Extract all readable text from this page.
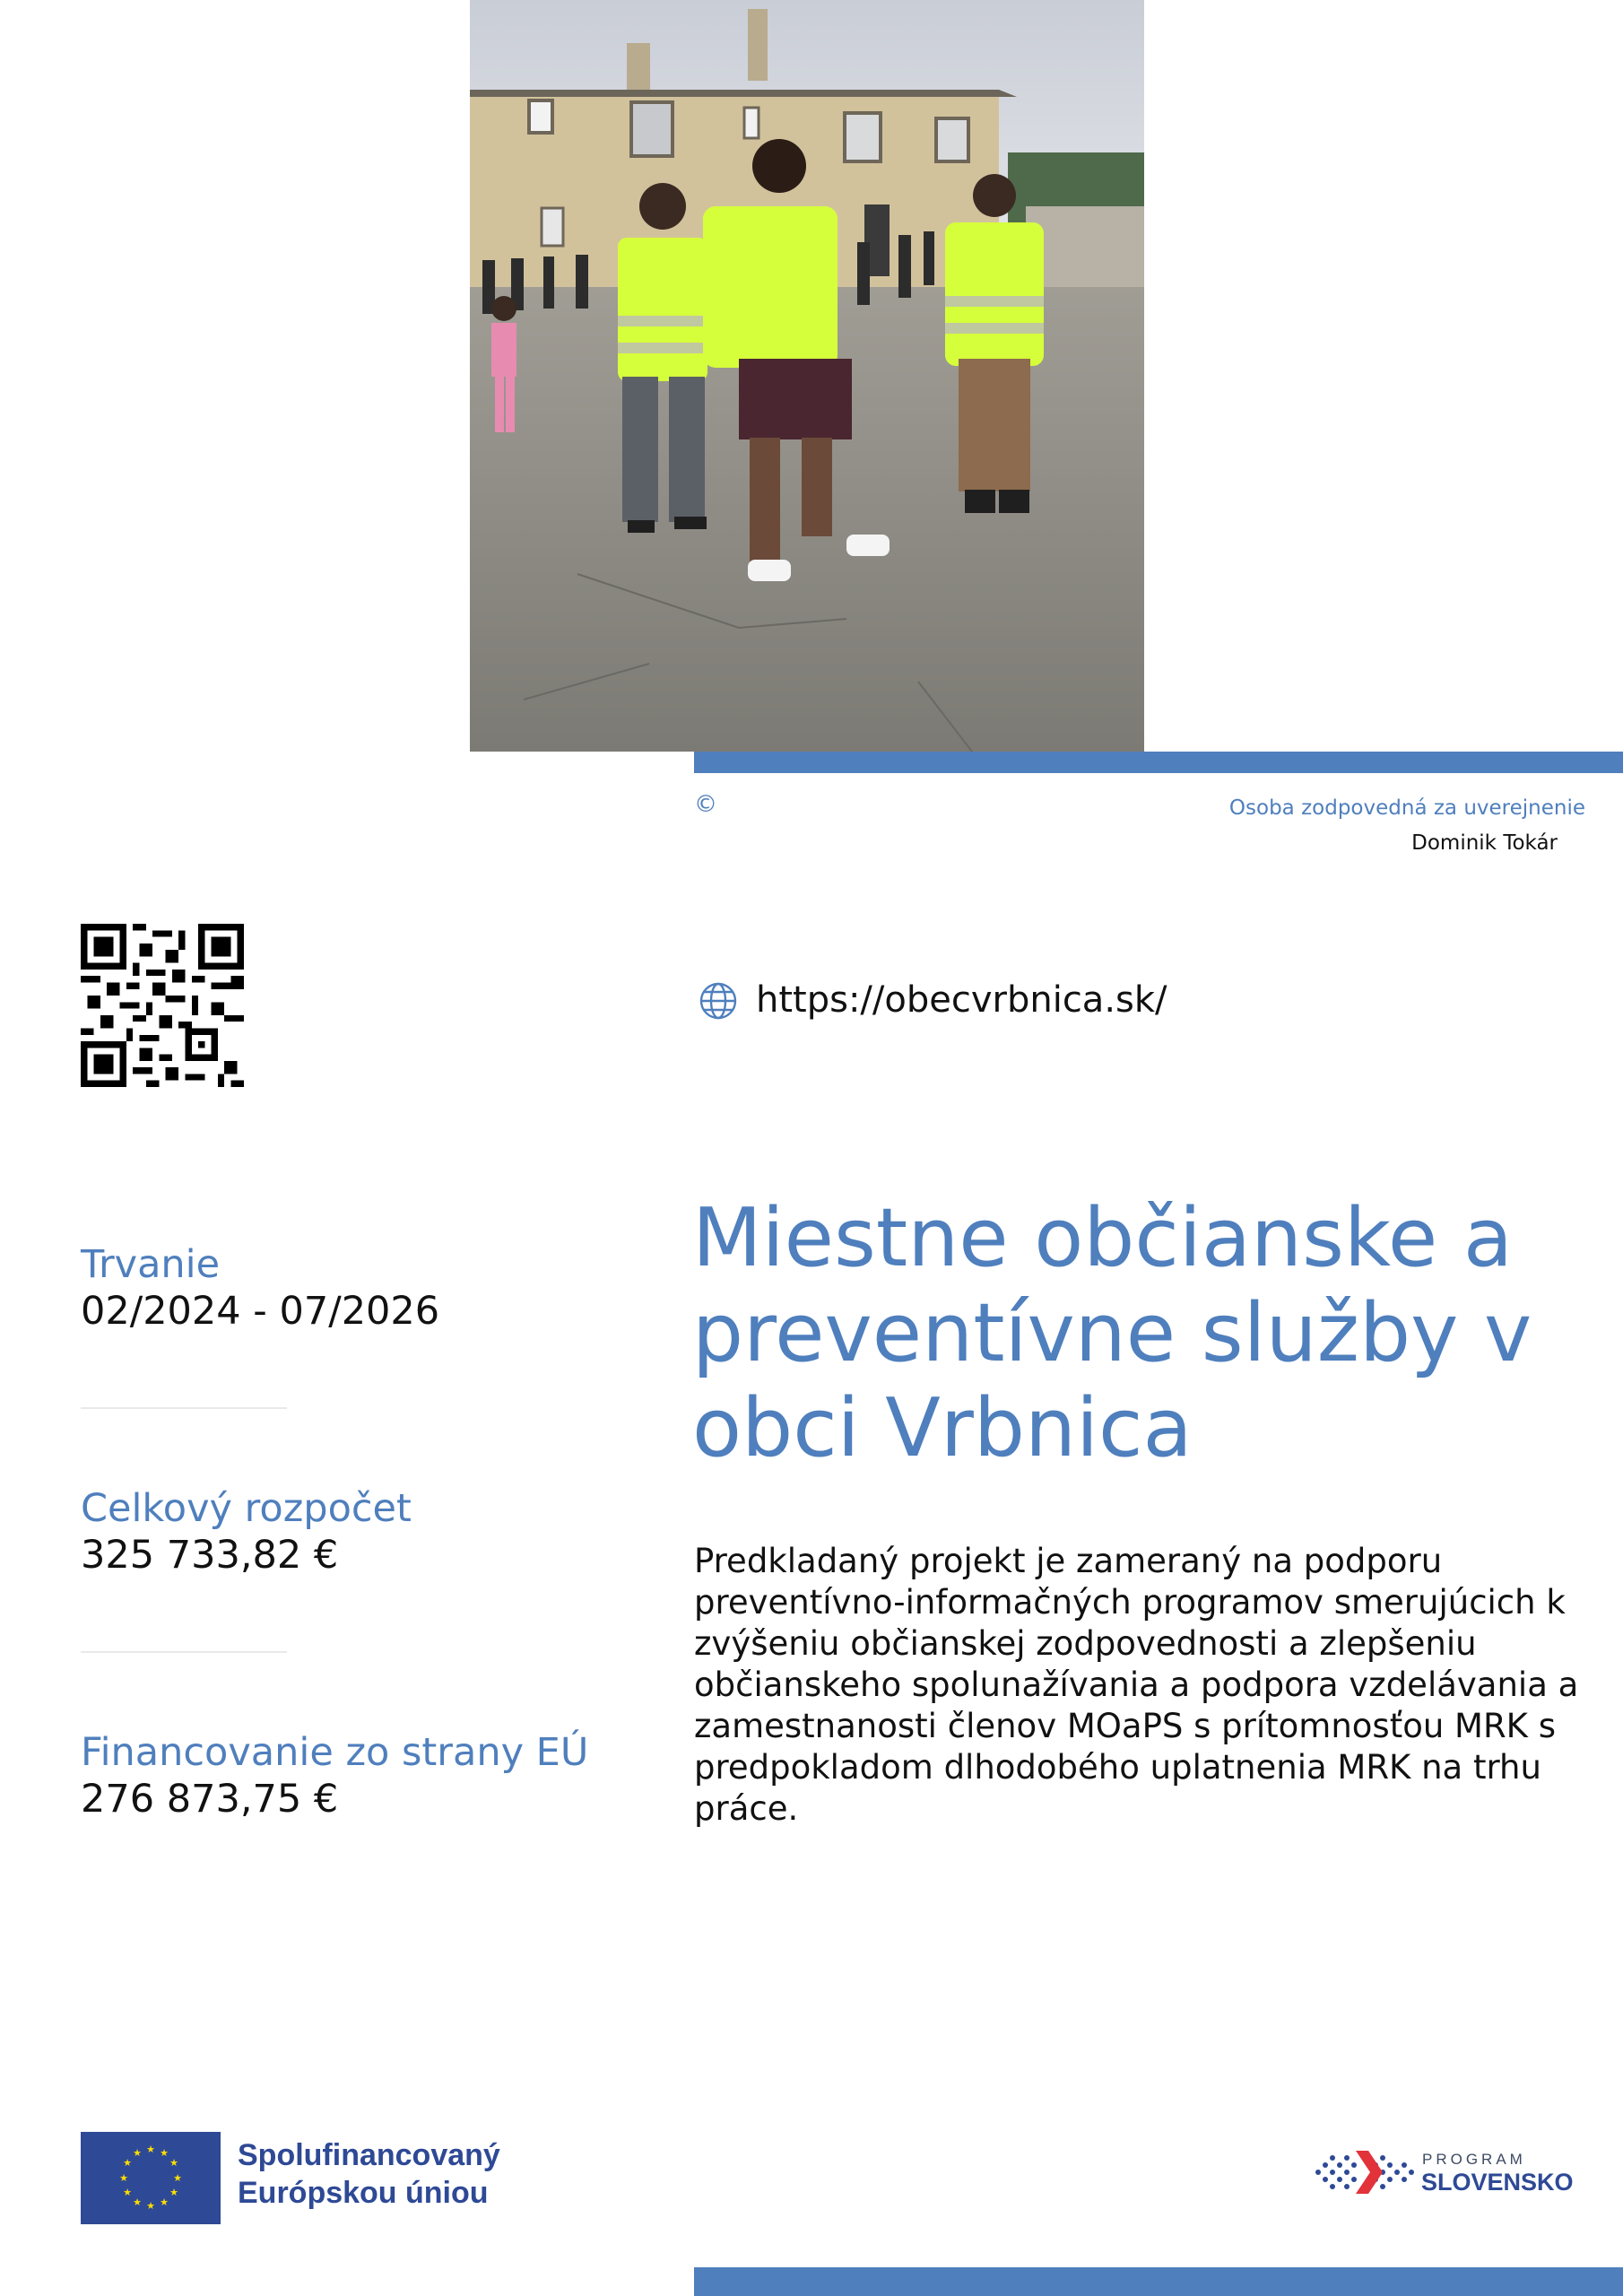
©	Osoba zodpovedná za uverejnenie
Dominik Tokár
https://obecvrbnica.sk/
Trvanie
02/2024 - 07/2026
Celkový rozpočet
325 733,82 €
Financovanie zo strany EÚ
276 873,75 €
Miestne občianske a preventívne služby v obci Vrbnica

Predkladaný projekt je zameraný na podporu preventívno-informačných programov smerujúcich k zvýšeniu občianskej zodpovednosti a zlepšeniu občianskeho spolunažívania a podpora vzdelávania a zamestnanosti členov MOaPS s prítomnosťou MRK s predpokladom dlhodobého uplatnenia MRK na trhu práce.

★ ★
★
★
★
★
★
★
★
★
★
★	Spolufinancovaný
Európskou úniou
PROGRAM
SLOVENSKO
